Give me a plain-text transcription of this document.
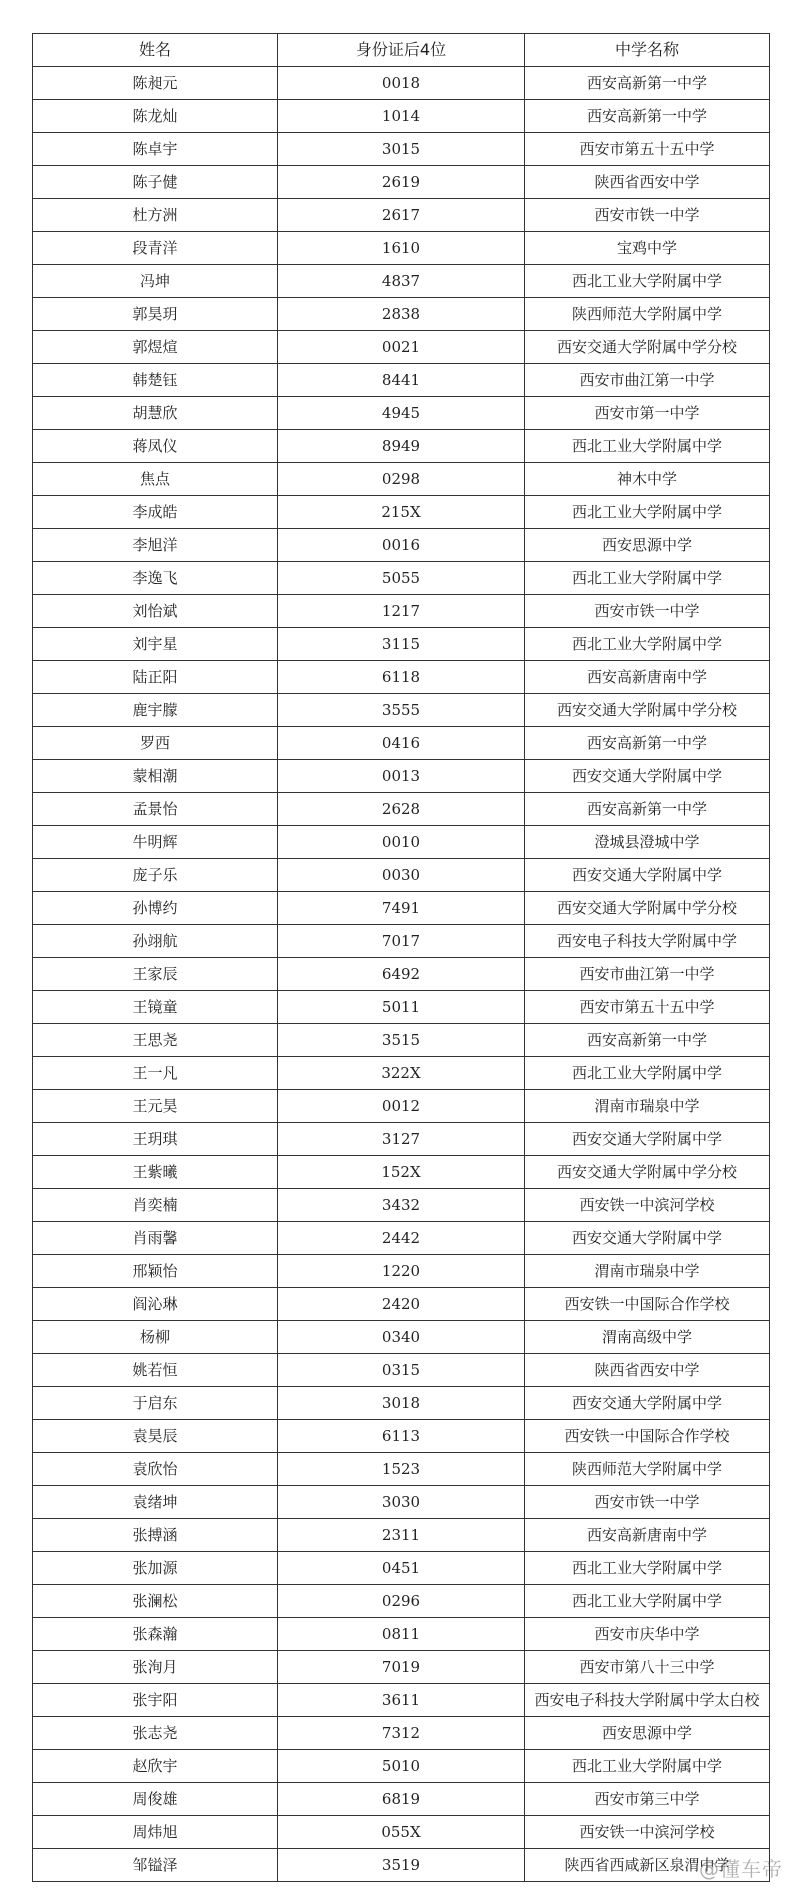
姓名	身份证后4位	中学名称
陈昶元	0018	西安高新第一中学
陈龙灿	1014	西安高新第一中学
陈卓宇	3015	西安市第五十五中学
陈子健	2619	陕西省西安中学
杜方洲	2617	西安市铁一中学
段青洋	1610	宝鸡中学
冯坤	4837	西北工业大学附属中学
郭昊玥	2838	陕西师范大学附属中学
郭煜煊	0021	西安交通大学附属中学分校
韩楚钰	8441	西安市曲江第一中学
胡慧欣	4945	西安市第一中学
蒋凤仪	8949	西北工业大学附属中学
焦点	0298	神木中学
李成皓	215X	西北工业大学附属中学
李旭洋	0016	西安思源中学
李逸飞	5055	西北工业大学附属中学
刘怡斌	1217	西安市铁一中学
刘宇星	3115	西北工业大学附属中学
陆正阳	6118	西安高新唐南中学
鹿宇朦	3555	西安交通大学附属中学分校
罗西	0416	西安高新第一中学
蒙相潮	0013	西安交通大学附属中学
孟景怡	2628	西安高新第一中学
牛明辉	0010	澄城县澄城中学
庞子乐	0030	西安交通大学附属中学
孙博约	7491	西安交通大学附属中学分校
孙翊航	7017	西安电子科技大学附属中学
王家辰	6492	西安市曲江第一中学
王镜童	5011	西安市第五十五中学
王思尧	3515	西安高新第一中学
王一凡	322X	西北工业大学附属中学
王元昊	0012	渭南市瑞泉中学
王玥琪	3127	西安交通大学附属中学
王紫曦	152X	西安交通大学附属中学分校
肖奕楠	3432	西安铁一中滨河学校
肖雨馨	2442	西安交通大学附属中学
邢颖怡	1220	渭南市瑞泉中学
阎沁琳	2420	西安铁一中国际合作学校
杨柳	0340	渭南高级中学
姚若恒	0315	陕西省西安中学
于启东	3018	西安交通大学附属中学
袁昊辰	6113	西安铁一中国际合作学校
袁欣怡	1523	陕西师范大学附属中学
袁绪坤	3030	西安市铁一中学
张搏涵	2311	西安高新唐南中学
张加源	0451	西北工业大学附属中学
张澜松	0296	西北工业大学附属中学
张森瀚	0811	西安市庆华中学
张洵月	7019	西安市第八十三中学
张宇阳	3611	西安电子科技大学附属中学太白校
张志尧	7312	西安思源中学
赵欣宇	5010	西北工业大学附属中学
周俊雄	6819	西安市第三中学
周炜旭	055X	西安铁一中滨河学校
邹镒泽	3519	陕西省西咸新区泉渭中学
@懂车帝
